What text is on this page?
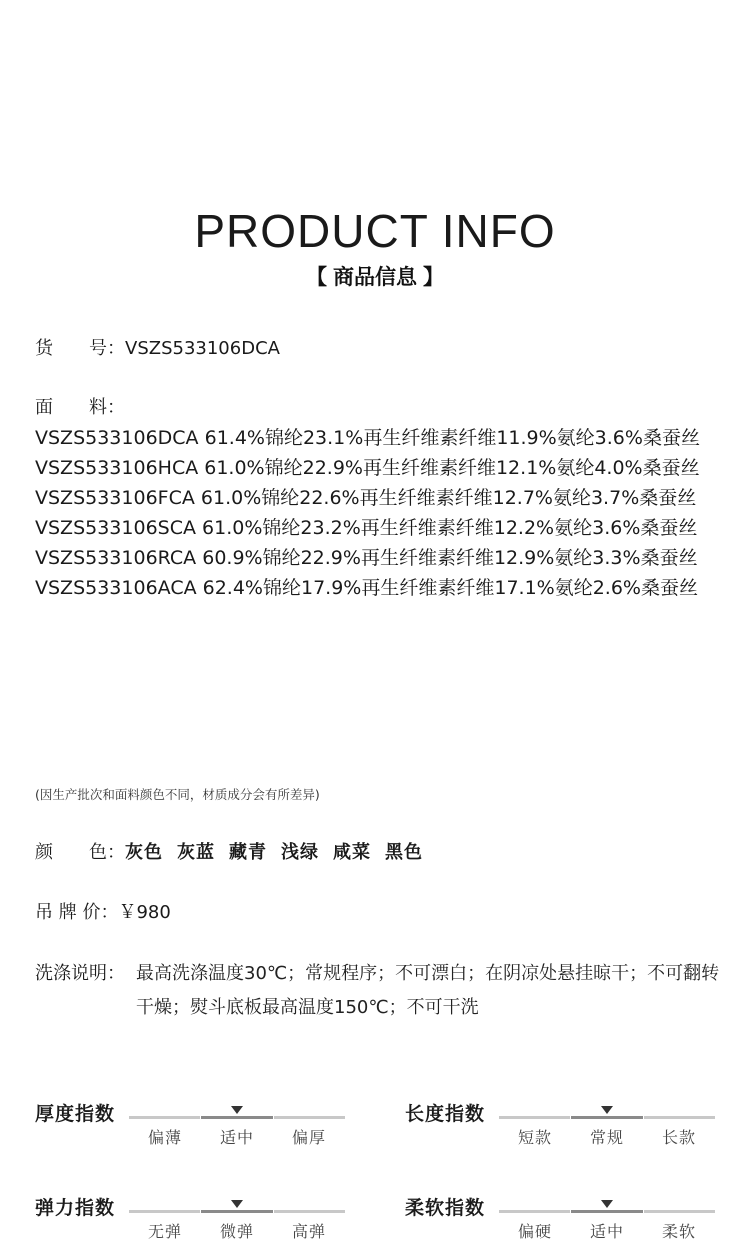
PRODUCT INFO
【 商品信息 】
货　　号：VSZS533106DCA
面　　料：
VSZS533106DCA 61.4%锦纶23.1%再生纤维素纤维11.9%氨纶3.6%桑蚕丝
VSZS533106HCA 61.0%锦纶22.9%再生纤维素纤维12.1%氨纶4.0%桑蚕丝
VSZS533106FCA 61.0%锦纶22.6%再生纤维素纤维12.7%氨纶3.7%桑蚕丝
VSZS533106SCA 61.0%锦纶23.2%再生纤维素纤维12.2%氨纶3.6%桑蚕丝
VSZS533106RCA 60.9%锦纶22.9%再生纤维素纤维12.9%氨纶3.3%桑蚕丝
VSZS533106ACA 62.4%锦纶17.9%再生纤维素纤维17.1%氨纶2.6%桑蚕丝
(因生产批次和面料颜色不同，材质成分会有所差异)
颜　　色：灰色 灰蓝 藏青 浅绿 咸菜 黑色
吊 牌 价：￥980
洗涤说明： 最高洗涤温度30℃；常规程序；不可漂白；在阴凉处悬挂晾干；不可翻转干燥；熨斗底板最高温度150℃；不可干洗
厚度指数
偏薄	适中	偏厚
长度指数
短款	常规	长款
弹力指数
无弹	微弹	高弹
柔软指数
偏硬	适中	柔软
